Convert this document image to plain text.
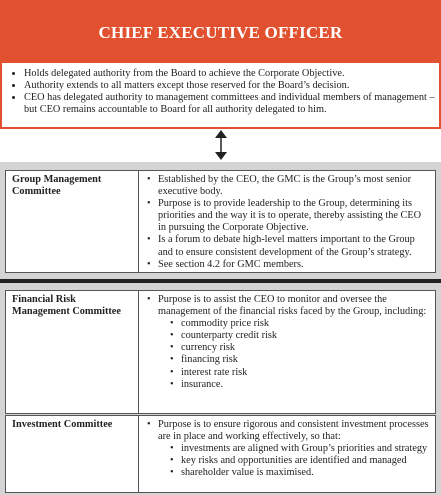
CHIEF EXECUTIVE OFFICER
• Holds delegated authority from the Board to achieve the Corporate Objective.
• Authority extends to all matters except those reserved for the Board’s decision.
• CEO has delegated authority to management committees and individual members of management – but CEO remains accountable to Board for all authority delegated to him.
Group Management Committee
• Established by the CEO, the GMC is the Group’s most senior executive body.
• Purpose is to provide leadership to the Group, determining its priorities and the way it is to operate, thereby assisting the CEO in pursuing the Corporate Objective.
• Is a forum to debate high-level matters important to the Group and to ensure consistent development of the Group’s strategy.
• See section 4.2 for GMC members.
Financial Risk Management Committee
• Purpose is to assist the CEO to monitor and oversee the management of the financial risks faced by the Group, including:
• commodity price risk
• counterparty credit risk
• currency risk
• financing risk
• interest rate risk
• insurance.
Investment Committee
•	Purpose is to ensure rigorous and consistent investment processes are in place and working effectively, so that:
• investments are aligned with Group’s priorities and strategy
• key risks and opportunities are identified and managed
• shareholder value is maximised.
